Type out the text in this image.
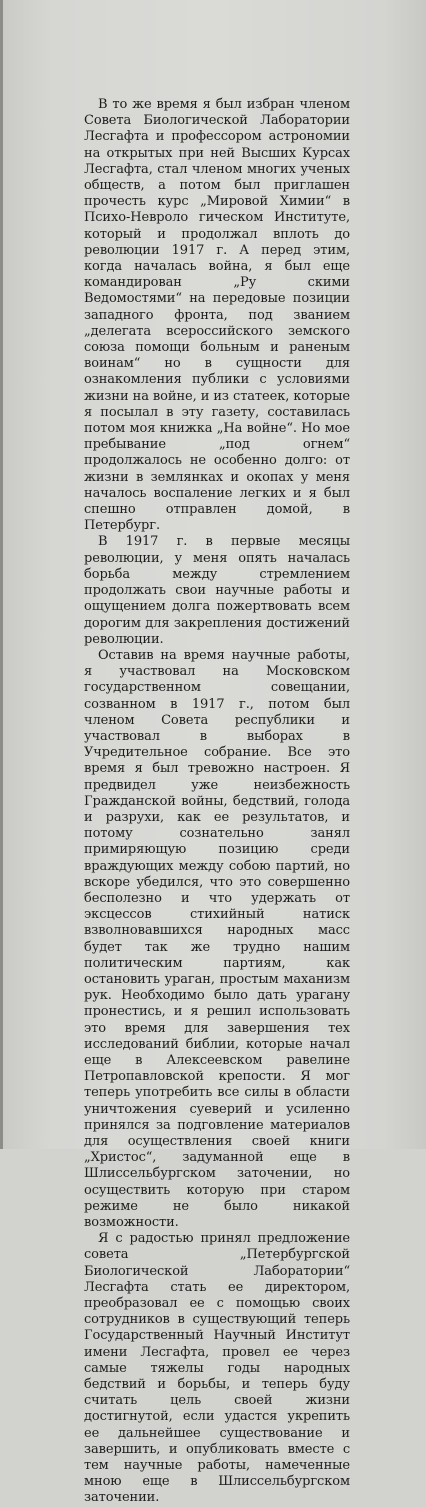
В то же время я был избран членом Совета Биологической Лаборатории Лесгафта и профессором астрономии на открытых при ней Высших Курсах Лесгафта, стал членом многих ученых обществ, а потом был приглашен прочесть курс „Мировой Химии“ в Психо-Невроло гическом Институте, который и продолжал вплоть до революции 1917 г. А перед этим, когда началась война, я был еще командирован „Ру скими Ведомостями“ на передовые позиции западного фронта, под званием „делегата всероссийского земского союза помощи больным и раненым воинам“ но в сущности для ознакомления публики с условиями жизни на войне, и из статеек, которые я посылал в эту газету, составилась потом моя книжка „На войне“. Но мое пребывание „под огнем“ продолжалось не особенно долго: от жизни в землянках и окопах у меня началось воспаление легких и я был спешно отправлен домой, в Петербург.

В 1917 г. в первые месяцы революции, у меня опять началась борьба между стремлением продолжать свои научные работы и ощущением долга пожертвовать всем дорогим для закрепления достижений революции.

Оставив на время научные работы, я участвовал на Московском государственном совещании, созванном в 1917 г., потом был членом Совета республики и участвовал в выборах в Учредительное собрание. Все это время я был тревожно настроен. Я предвидел уже неизбежность Гражданской войны, бедствий, голода и разрухи, как ее результатов, и потому сознательно занял примиряющую позицию среди враждующих между собою партий, но вскоре убедился, что это совершенно бесполезно и что удержать от эксцессов стихийный натиск взволновавшихся народных масс будет так же трудно нашим политическим партиям, как остановить ураган, простым маханизм рук. Необходимо было дать урагану пронестись, и я решил использовать это время для завершения тех исследований библии, которые начал еще в Алексеевском равелине Петропавловской крепости. Я мог теперь употребить все силы в области уничтожения суеверий и усиленно принялся за подговление материалов для осуществления своей книги „Христос“, задуманной еще в Шлиссельбургском заточении, но осуществить которую при старом режиме не было никакой возможности.

Я с радостью принял предложение совета „Петербургской Биологической Лаборатории“ Лесгафта стать ее директором, преобразовал ее с помощью своих сотрудников в существующий теперь Государственный Научный Институт имени Лесгафта, провел ее через самые тяжелы годы народных бедствий и борьбы, и теперь буду считать цель своей жизни достигнутой, если удастся укрепить ее дальнейшее существование и завершить, и опубликовать вместе с тем научные работы, намеченные мною еще в Шлиссельбургском заточении.
